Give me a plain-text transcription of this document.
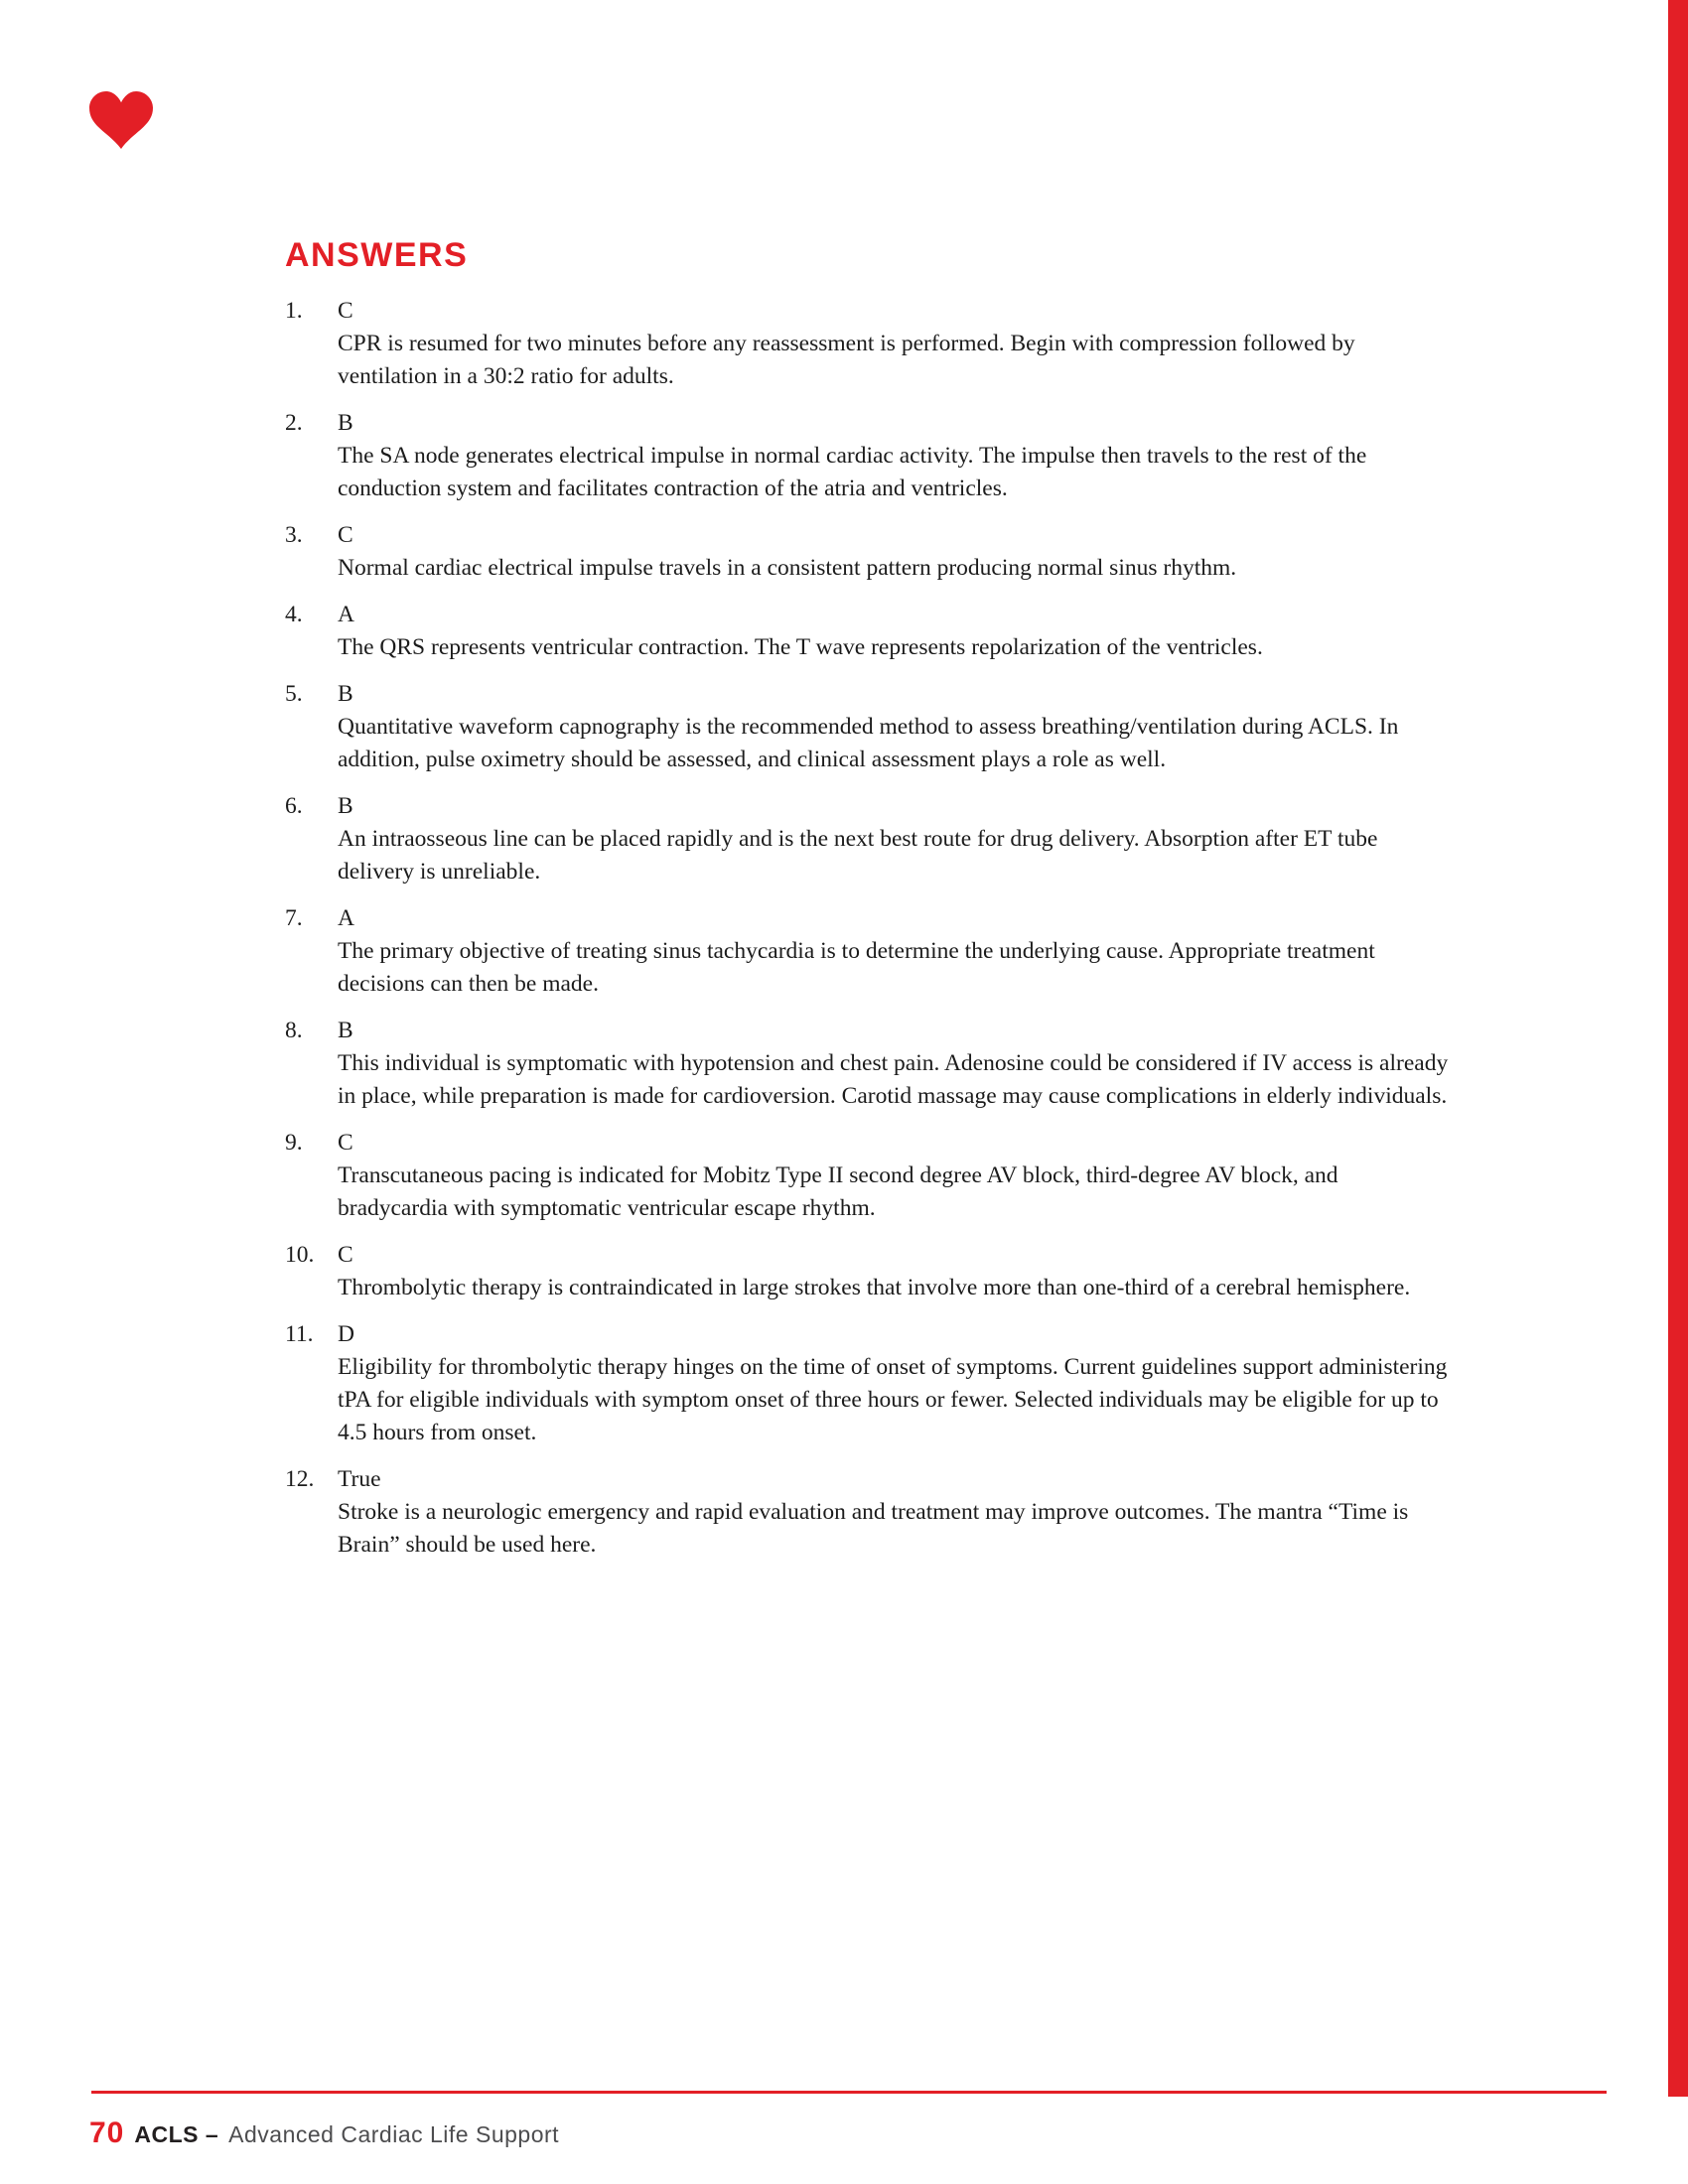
ANSWERS
1.	C
CPR is resumed for two minutes before any reassessment is performed. Begin with compression followed by ventilation in a 30:2 ratio for adults.
2.	B
The SA node generates electrical impulse in normal cardiac activity. The impulse then travels to the rest of the conduction system and facilitates contraction of the atria and ventricles.
3.	C
Normal cardiac electrical impulse travels in a consistent pattern producing normal sinus rhythm.
4.	A
The QRS represents ventricular contraction. The T wave represents repolarization of the ventricles.
5.	B
Quantitative waveform capnography is the recommended method to assess breathing/ventilation during ACLS. In addition, pulse oximetry should be assessed, and clinical assessment plays a role as well.
6.	B
An intraosseous line can be placed rapidly and is the next best route for drug delivery. Absorption after ET tube delivery is unreliable.
7.	A
The primary objective of treating sinus tachycardia is to determine the underlying cause. Appropriate treatment decisions can then be made.
8.	B
This individual is symptomatic with hypotension and chest pain. Adenosine could be considered if IV access is already in place, while preparation is made for cardioversion. Carotid massage may cause complications in elderly individuals.
9.	C
Transcutaneous pacing is indicated for Mobitz Type II second degree AV block, third-degree AV block, and bradycardia with symptomatic ventricular escape rhythm.
10.	C
Thrombolytic therapy is contraindicated in large strokes that involve more than one-third of a cerebral hemisphere.
11.	D
Eligibility for thrombolytic therapy hinges on the time of onset of symptoms. Current guidelines support administering tPA for eligible individuals with symptom onset of three hours or fewer. Selected individuals may be eligible for up to 4.5 hours from onset.
12.	True
Stroke is a neurologic emergency and rapid evaluation and treatment may improve outcomes. The mantra “Time is Brain” should be used here.
70 ACLS – Advanced Cardiac Life Support
